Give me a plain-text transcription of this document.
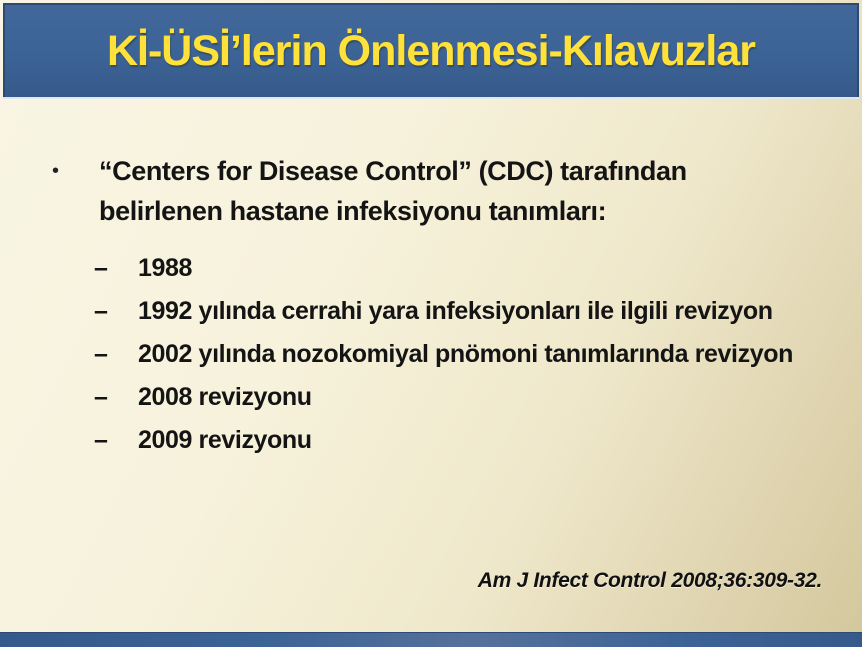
Kİ-ÜSİ’lerin Önlenmesi-Kılavuzlar
•	“Centers for Disease Control” (CDC) tarafından belirlenen hastane infeksiyonu tanımları:

–	1988

–	1992 yılında cerrahi yara infeksiyonları ile ilgili revizyon

–	2002 yılında nozokomiyal pnömoni tanımlarında revizyon

–	2008 revizyonu

–	2009 revizyonu

Am J Infect Control 2008;36:309-32.
